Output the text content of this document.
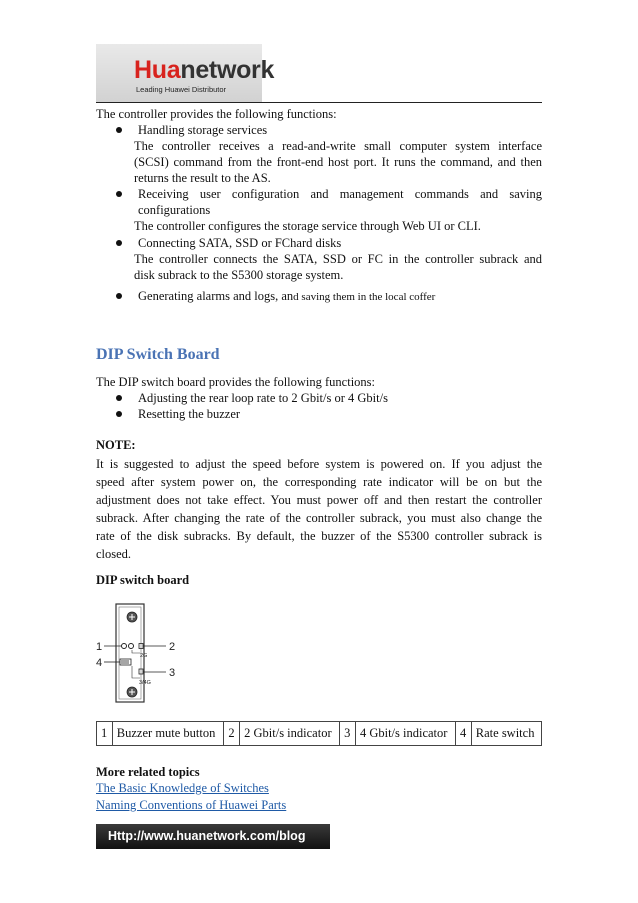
Huanetwork
Leading Huawei Distributor
The controller provides the following functions:
Handling storage services
The controller receives a read-and-write small computer system interface
(SCSI) command from the front-end host port. It runs the command, and then
returns the result to the AS.
Receiving user configuration and management commands and saving
configurations
The controller configures the storage service through Web UI or CLI.
Connecting SATA, SSD or FChard disks
The controller connects the SATA, SSD or FC in the controller subrack and
disk subrack to the S5300 storage system.
Generating alarms and logs, and saving them in the local coffer
DIP Switch Board
The DIP switch board provides the following functions:
Adjusting the rear loop rate to 2 Gbit/s or 4 Gbit/s
Resetting the buzzer
NOTE:
It is suggested to adjust the speed before system is powered on. If you adjust the
speed after system power on, the corresponding rate indicator will be on but the
adjustment does not take effect. You must power off and then restart the controller
subrack. After changing the rate of the controller subrack, you must also change the
rate of the disk subracks. By default, the buzzer of the S5300 controller subrack is
closed.
DIP switch board
2G
3/4G
1	2
3
4
1	Buzzer mute button	2	2 Gbit/s indicator	3	4 Gbit/s indicator	4	Rate switch
More related topics
The Basic Knowledge of Switches
Naming Conventions of Huawei Parts
Http://www.huanetwork.com/blog
